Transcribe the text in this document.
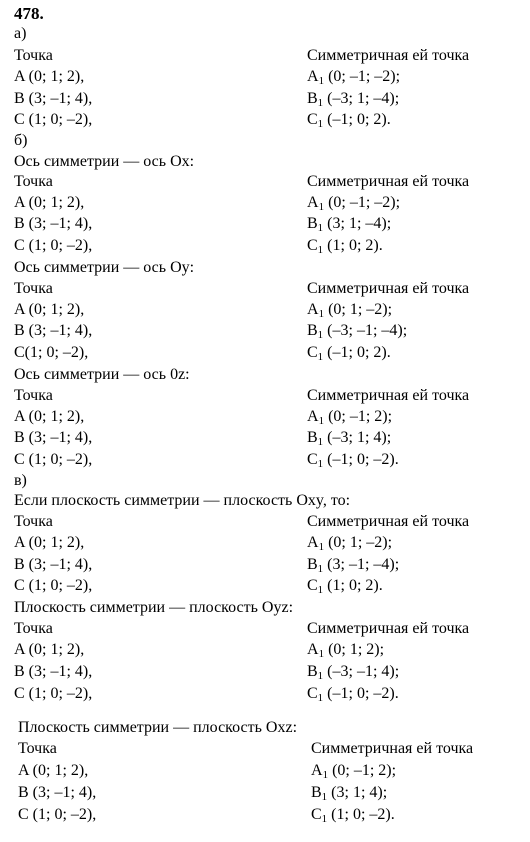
478.
а)
Точка	Симметричная ей точка
A (0; 1; 2),	$A_1$ (0; –1; –2);
B (3; –1; 4),	$B_1$ (–3; 1; –4);
C (1; 0; –2),	$C_1$ (–1; 0; 2).
б)
Ось симметрии — ось Ox:
Точка	Симметричная ей точка
A (0; 1; 2),	$A_1$ (0; –1; –2);
B (3; –1; 4),	$B_1$ (3; 1; –4);
C (1; 0; –2),	$C_1$ (1; 0; 2).
Ось симметрии — ось Oy:
Точка	Симметричная ей точка
A (0; 1; 2),	$A_1$ (0; 1; –2);
B (3; –1; 4),	$B_1$ (–3; –1; –4);
C(1; 0; –2),	$C_1$ (–1; 0; 2).
Ось симметрии — ось 0z:
Точка	Симметричная ей точка
A (0; 1; 2),	$A_1$ (0; –1; 2);
B (3; –1; 4),	$B_1$ (–3; 1; 4);
C (1; 0; –2),	$C_1$ (–1; 0; –2).
в)
Если плоскость симметрии — плоскость Oxy, то:
Точка	Симметричная ей точка
A (0; 1; 2),	$A_1$ (0; 1; –2);
B (3; –1; 4),	$B_1$ (3; –1; –4);
C (1; 0; –2),	$C_1$ (1; 0; 2).
Плоскость симметрии — плоскость Oyz:
Точка	Симметричная ей точка
A (0; 1; 2),	$A_1$ (0; 1; 2);
B (3; –1; 4),	$B_1$ (–3; –1; 4);
C (1; 0; –2),	$C_1$ (–1; 0; –2).
Плоскость симметрии — плоскость Oxz:
Точка	Симметричная ей точка
A (0; 1; 2),	$A_1$ (0; –1; 2);
B (3; –1; 4),	$B_1$ (3; 1; 4);
C (1; 0; –2),	$C_1$ (1; 0; –2).
